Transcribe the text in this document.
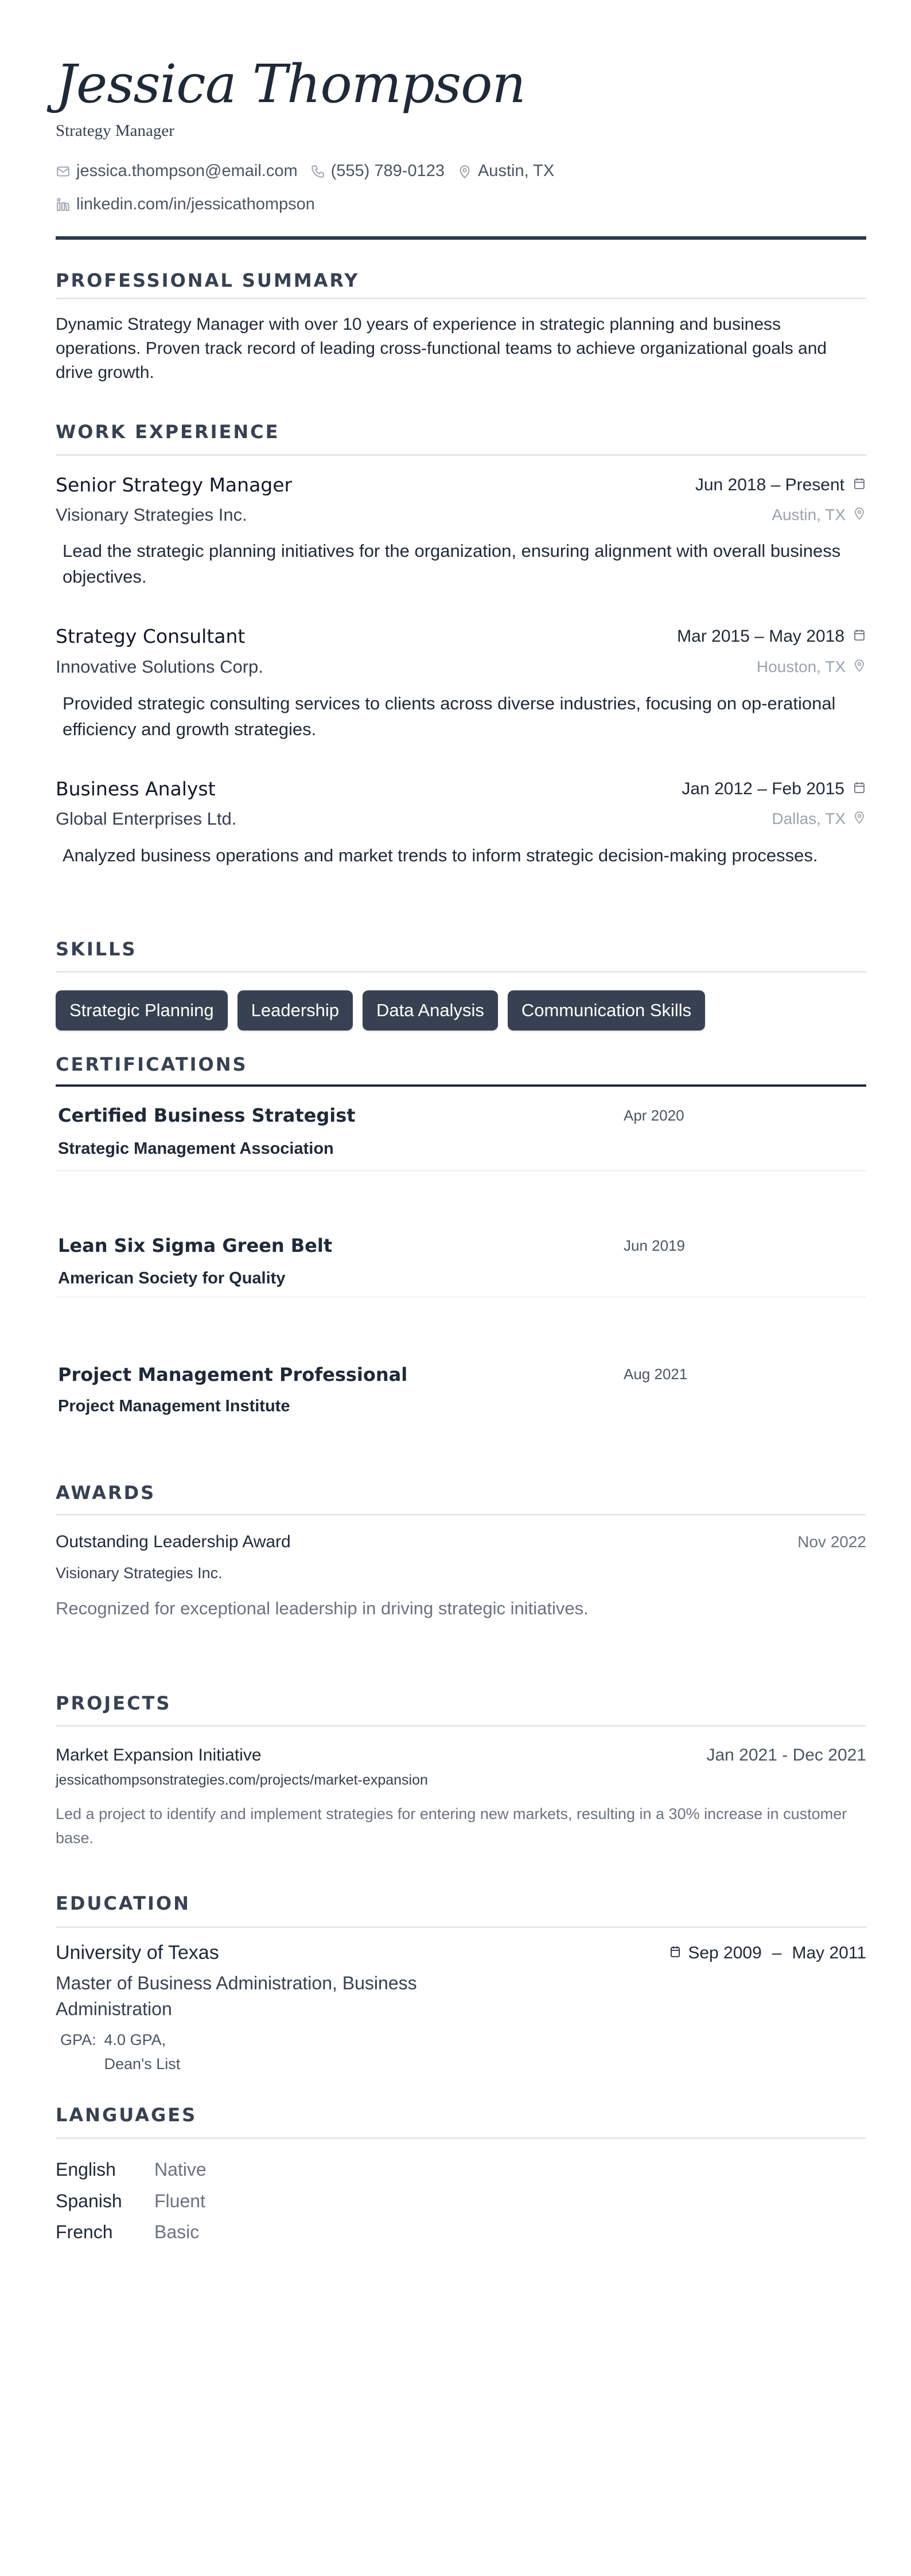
Jessica Thompson
Strategy Manager
jessica.thompson@email.com (555) 789-0123 Austin, TX
linkedin.com/in/jessicathompson
PROFESSIONAL SUMMARY

Dynamic Strategy Manager with over 10 years of experience in strategic planning and business operations. Proven track record of leading cross-functional teams to achieve organizational goals and drive growth.

WORK EXPERIENCE
Senior Strategy Manager	Jun 2018 – Present
Visionary Strategies Inc.	Austin, TX

Lead the strategic planning initiatives for the organization, ensuring alignment with overall business objectives.

Strategy Consultant	Mar 2015 – May 2018
Innovative Solutions Corp.	Houston, TX

Provided strategic consulting services to clients across diverse industries, focusing on op-erational efficiency and growth strategies.

Business Analyst	Jan 2012 – Feb 2015
Global Enterprises Ltd.	Dallas, TX

Analyzed business operations and market trends to inform strategic decision-making processes.

SKILLS
Strategic Planning	Leadership	Data Analysis	Communication Skills
CERTIFICATIONS
Certified Business Strategist	Apr 2020
Strategic Management Association
Lean Six Sigma Green Belt	Jun 2019
American Society for Quality
Project Management Professional	Aug 2021
Project Management Institute
AWARDS
Outstanding Leadership Award	Nov 2022
Visionary Strategies Inc.
Recognized for exceptional leadership in driving strategic initiatives.
PROJECTS
Market Expansion Initiative	Jan 2021 - Dec 2021
jessicathompsonstrategies.com/projects/market-expansion

Led a project to identify and implement strategies for entering new markets, resulting in a 30% increase in customer base.

EDUCATION
University of Texas	Sep 2009 – May 2011

Master of Business Administration, Business Administration

GPA: 4.0 GPA,
Dean's List
LANGUAGES
English	Native
Spanish	Fluent
French	Basic
